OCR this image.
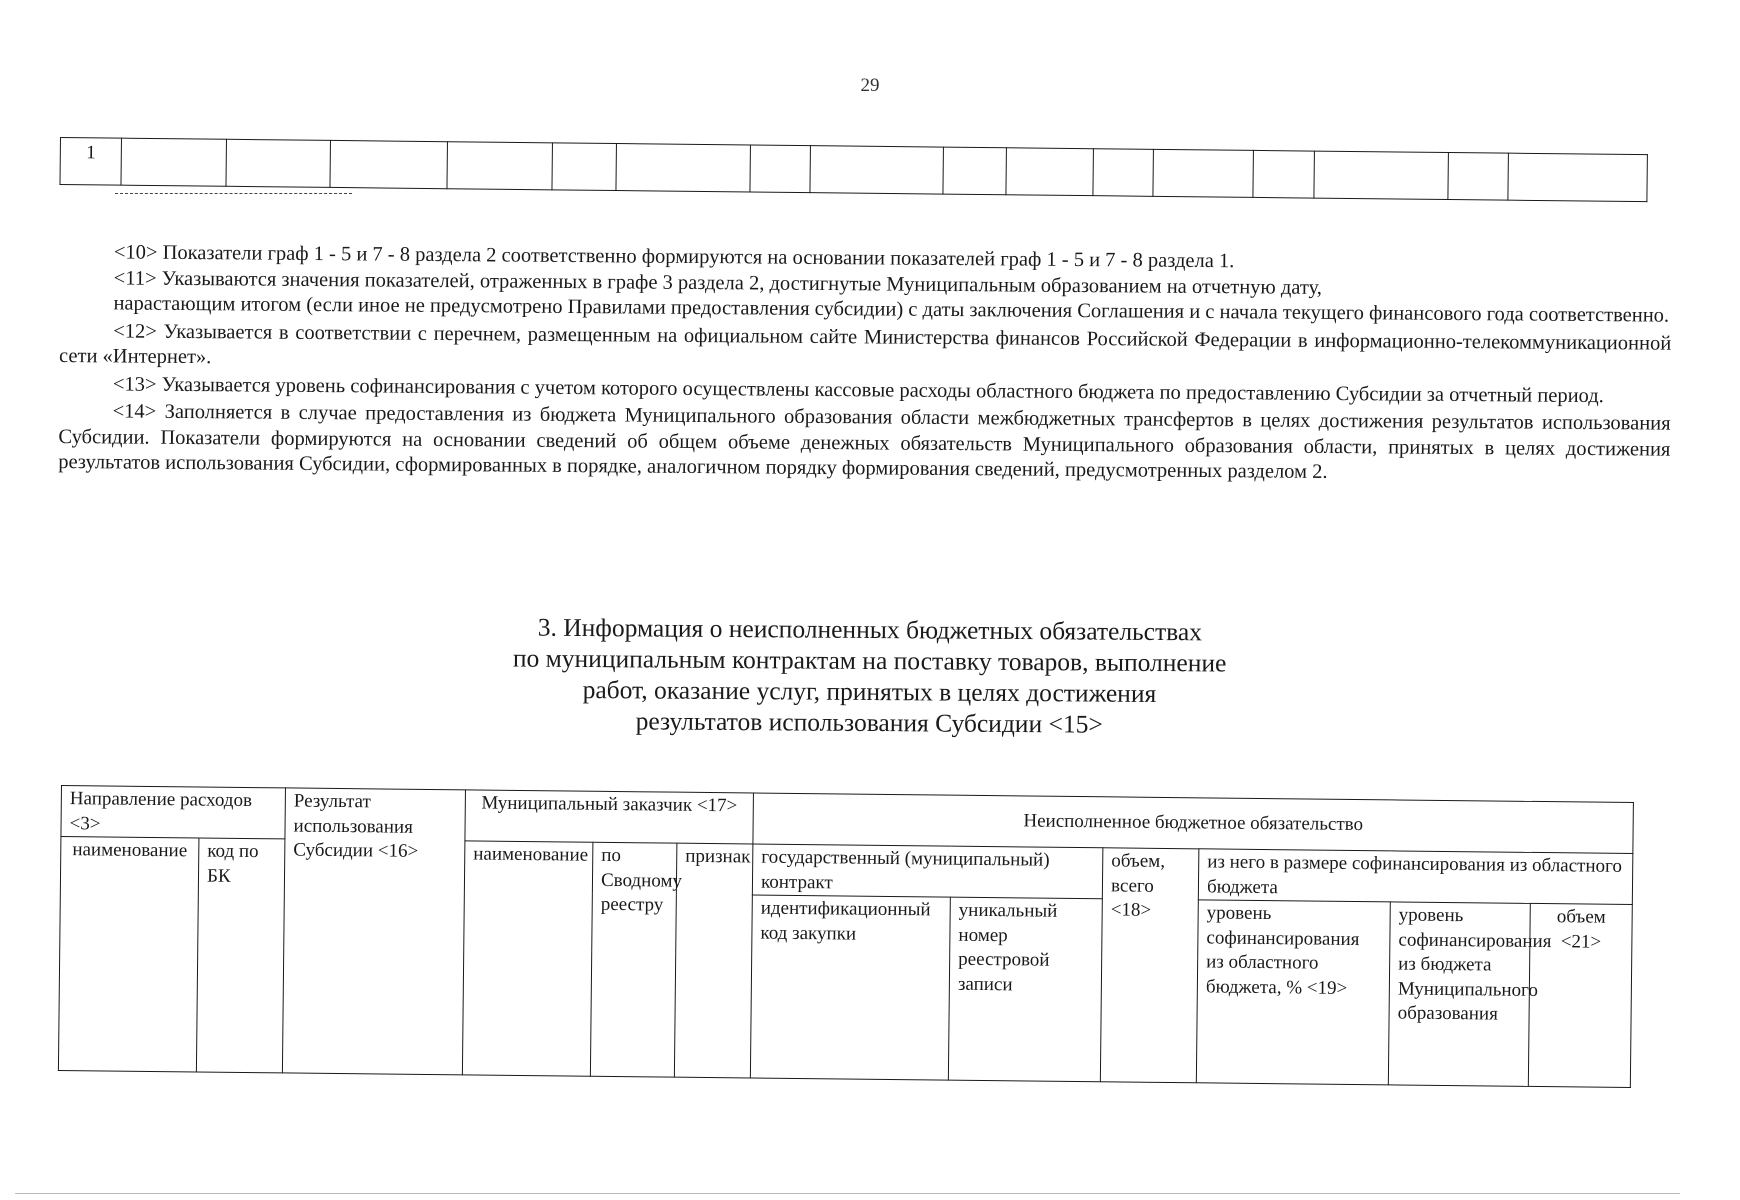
29
1																

<10> Показатели граф 1 - 5 и 7 - 8 раздела 2 соответственно формируются на основании показателей граф 1 - 5 и 7 - 8 раздела 1.

<11> Указываются значения показателей, отраженных в графе 3 раздела 2, достигнутые Муниципальным образованием на отчетную дату,

нарастающим итогом (если иное не предусмотрено Правилами предоставления субсидии) с даты заключения Соглашения и с начала текущего финансового года соответственно.

<12> Указывается в соответствии с перечнем, размещенным на официальном сайте Министерства финансов Российской Федерации в информационно-телекоммуникационной сети «Интернет».

<13> Указывается уровень софинансирования с учетом которого осуществлены кассовые расходы областного бюджета по предоставлению Субсидии за отчетный период.

<14> Заполняется в случае предоставления из бюджета Муниципального образования области межбюджетных трансфертов в целях достижения результатов использования Субсидии. Показатели формируются на основании сведений об общем объеме денежных обязательств Муниципального образования области, принятых в целях достижения результатов использования Субсидии, сформированных в порядке, аналогичном порядку формирования сведений, предусмотренных разделом 2.

3. Информация о неисполненных бюджетных обязательствах
по муниципальным контрактам на поставку товаров, выполнение
работ, оказание услуг, принятых в целях достижения
результатов использования Субсидии <15>
Направление расходов <3>		Результат использования Субсидии <16>	Муниципальный заказчик <17>			Неисполненное бюджетное обязательство					
наименование	код по БК		наименование	по Сводному реестру	признак	государственный (муниципальный) контракт		объем, всего <18>	из него в размере софинансирования из областного бюджета		
						идентификационный код закупки	уникальный номер реестровой записи		уровень софинансирования из областного бюджета, % <19>	уровень софинансирования из бюджета Муниципального образования	объем <21>
